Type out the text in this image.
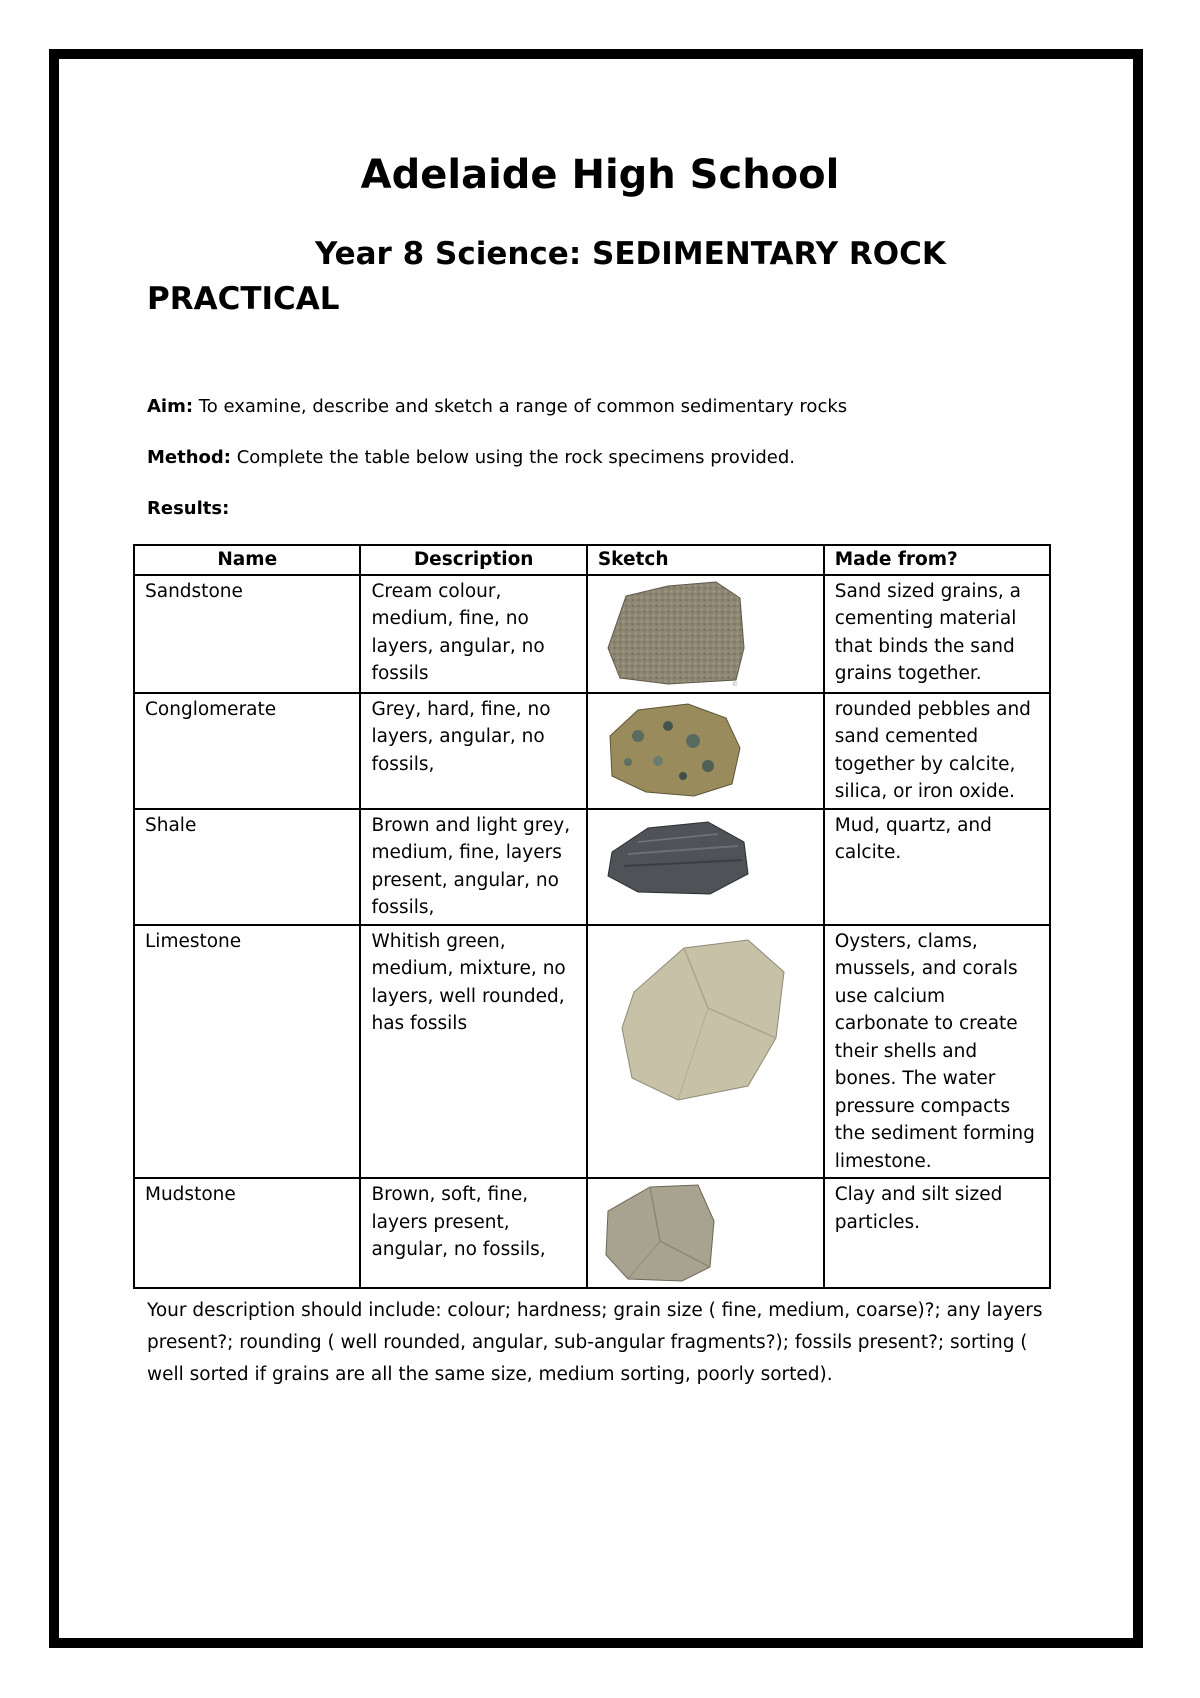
Adelaide High School
Year 8 Science: SEDIMENTARY ROCK
PRACTICAL
Aim: To examine, describe and sketch a range of common sedimentary rocks
Method: Complete the table below using the rock specimens provided.
Results:
Name	Description	Sketch	Made from?
Sandstone	Cream colour, medium, fine, no layers, angular, no fossils	©	Sand sized grains, a cementing material that binds the sand grains together.
Conglomerate	Grey, hard, fine, no layers, angular, no fossils,		rounded pebbles and sand cemented together by calcite, silica, or iron oxide.
Shale	Brown and light grey, medium, fine, layers present, angular, no fossils,		Mud, quartz, and calcite.
Limestone	Whitish green, medium, mixture, no layers, well rounded, has fossils		Oysters, clams, mussels, and corals use calcium carbonate to create their shells and bones. The water pressure compacts the sediment forming limestone.
Mudstone	Brown, soft, fine, layers present, angular, no fossils,		Clay and silt sized particles.
Your description should include: colour; hardness; grain size ( fine, medium, coarse)?; any layers present?; rounding ( well rounded, angular, sub-angular fragments?); fossils present?; sorting ( well sorted if grains are all the same size, medium sorting, poorly sorted).
